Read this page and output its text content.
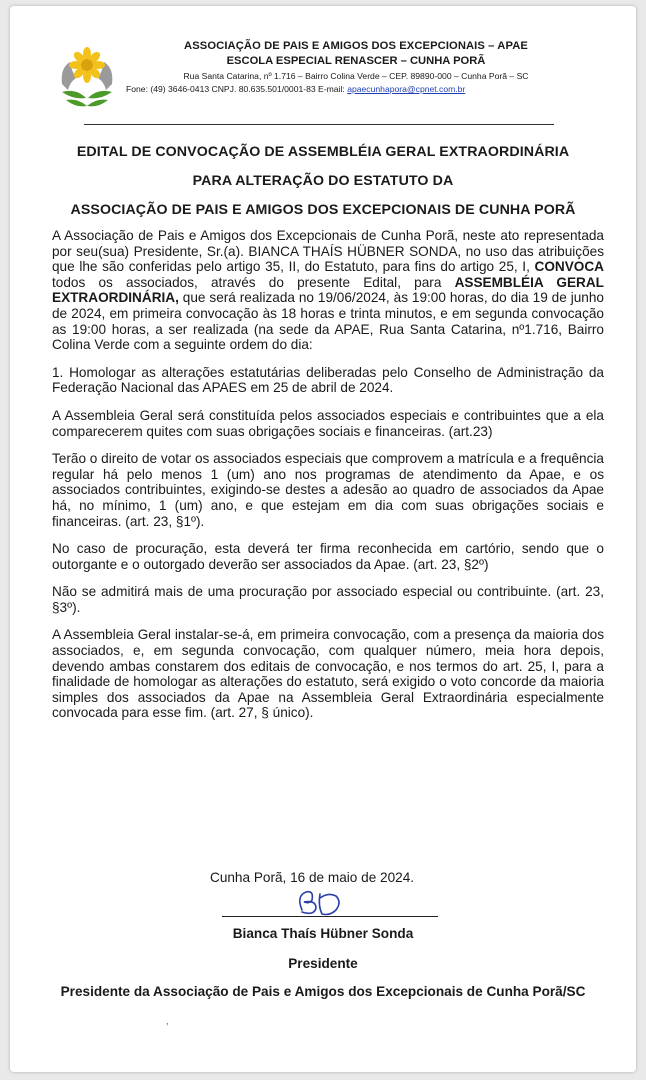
ASSOCIAÇÃO DE PAIS E AMIGOS DOS EXCEPCIONAIS – APAE
ESCOLA ESPECIAL RENASCER – CUNHA PORÃ
Rua Santa Catarina, nº 1.716 – Bairro Colina Verde – CEP. 89890-000 – Cunha Porã – SC
Fone: (49) 3646-0413 CNPJ. 80.635.501/0001-83 E-mail: apaecunhapora@cpnet.com.br
EDITAL DE CONVOCAÇÃO DE ASSEMBLÉIA GERAL EXTRAORDINÁRIA
PARA ALTERAÇÃO DO ESTATUTO DA
ASSOCIAÇÃO DE PAIS E AMIGOS DOS EXCEPCIONAIS DE CUNHA PORÃ

A Associação de Pais e Amigos dos Excepcionais de Cunha Porã, neste ato representada por seu(sua) Presidente, Sr.(a). BIANCA THAÍS HÜBNER SONDA, no uso das atribuições que lhe são conferidas pelo artigo 35, II, do Estatuto, para fins do artigo 25, I, CONVOCA todos os associados, através do presente Edital, para ASSEMBLÉIA GERAL EXTRAORDINÁRIA, que será realizada no 19/06/2024, às 19:00 horas, do dia 19 de junho de 2024, em primeira convocação às 18 horas e trinta minutos, e em segunda convocação as 19:00 horas, a ser realizada (na sede da APAE, Rua Santa Catarina, nº1.716, Bairro Colina Verde com a seguinte ordem do dia:

1. Homologar as alterações estatutárias deliberadas pelo Conselho de Administração da Federação Nacional das APAES em 25 de abril de 2024.

A Assembleia Geral será constituída pelos associados especiais e contribuintes que a ela comparecerem quites com suas obrigações sociais e financeiras. (art.23)

Terão o direito de votar os associados especiais que comprovem a matrícula e a frequência regular há pelo menos 1 (um) ano nos programas de atendimento da Apae, e os associados contribuintes, exigindo-se destes a adesão ao quadro de associados da Apae há, no mínimo, 1 (um) ano, e que estejam em dia com suas obrigações sociais e financeiras. (art. 23, §1º).

No caso de procuração, esta deverá ter firma reconhecida em cartório, sendo que o outorgante e o outorgado deverão ser associados da Apae. (art. 23, §2º)

Não se admitirá mais de uma procuração por associado especial ou contribuinte. (art. 23, §3º).

A Assembleia Geral instalar-se-á, em primeira convocação, com a presença da maioria dos associados, e, em segunda convocação, com qualquer número, meia hora depois, devendo ambas constarem dos editais de convocação, e nos termos do art. 25, I, para a finalidade de homologar as alterações do estatuto, será exigido o voto concorde da maioria simples dos associados da Apae na Assembleia Geral Extraordinária especialmente convocada para esse fim. (art. 27, § único).

Cunha Porã, 16 de maio de 2024.
Bianca Thaís Hübner Sonda
Presidente
Presidente da Associação de Pais e Amigos dos Excepcionais de Cunha Porã/SC
,
